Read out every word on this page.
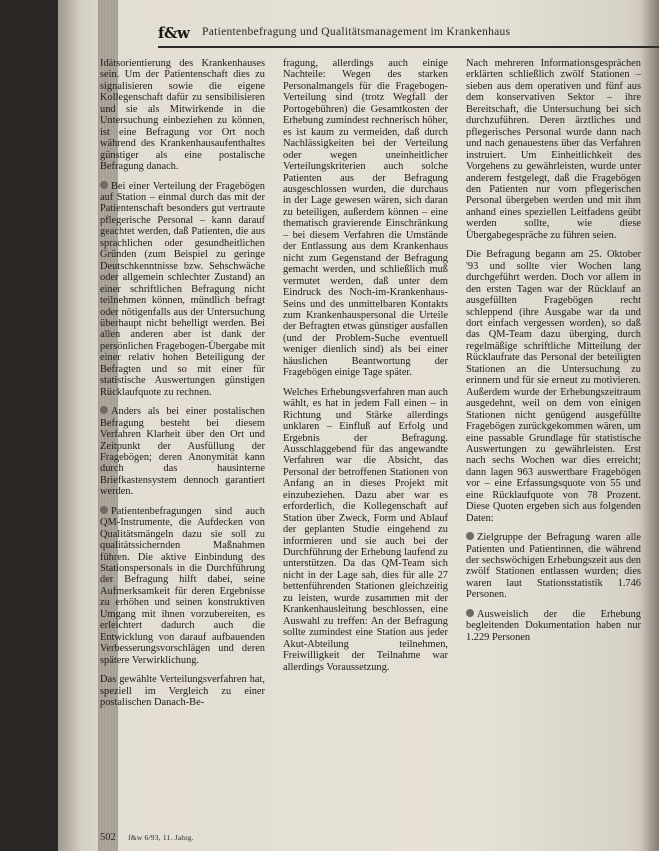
f&w Patientenbefragung und Qualitätsmanagement im Krankenhaus

Idätsorientierung des Krankenhauses sein. Um der Patientenschaft dies zu signalisieren sowie die eigene Kollegenschaft dafür zu sensibilisieren und sie als Mitwirkende in die Untersuchung einbeziehen zu können, ist eine Befragung vor Ort noch während des Krankenhausaufenthaltes günstiger als eine postalische Befragung danach.

Bei einer Verteilung der Fragebögen auf Station – einmal durch das mit der Patientenschaft besonders gut vertraute pflegerische Personal – kann darauf geachtet werden, daß Patienten, die aus sprachlichen oder gesundheitlichen Gründen (zum Beispiel zu geringe Deutschkenntnisse bzw. Sehschwäche oder allgemein schlechter Zustand) an einer schriftlichen Befragung nicht teilnehmen können, mündlich befragt oder nötigenfalls aus der Untersuchung überhaupt nicht behelligt werden. Bei allen anderen aber ist dank der persönlichen Fragebogen-Übergabe mit einer relativ hohen Beteiligung der Befragten und so mit einer für statistische Auswertungen günstigen Rücklaufquote zu rechnen.

Anders als bei einer postalischen Befragung besteht bei diesem Verfahren Klarheit über den Ort und Zeitpunkt der Ausfüllung der Fragebögen; deren Anonymität kann durch das hausinterne Briefkastensystem dennoch garantiert werden.

Patientenbefragungen sind auch QM-Instrumente, die Aufdecken von Qualitätsmängeln dazu sie soll zu qualitätssichernden Maßnahmen führen. Die aktive Einbindung des Stationspersonals in die Durchführung der Befragung hilft dabei, seine Aufmerksamkeit für deren Ergebnisse zu erhöhen und seinen konstruktiven Umgang mit ihnen vorzubereiten, es erleichtert dadurch auch die Entwicklung von darauf aufbauenden Verbesserungsvorschlägen und deren spätere Verwirklichung.

Das gewählte Verteilungsverfahren hat, speziell im Vergleich zu einer postalischen Danach-Be-

fragung, allerdings auch einige Nachteile: Wegen des starken Personalmangels für die Fragebogen-Verteilung sind (trotz Wegfall der Portogebühren) die Gesamtkosten der Erhebung zumindest rechnerisch höher, es ist kaum zu vermeiden, daß durch Nachlässigkeiten bei der Verteilung oder wegen uneinheitlicher Verteilungskriterien auch solche Patienten aus der Befragung ausgeschlossen wurden, die durchaus in der Lage gewesen wären, sich daran zu beteiligen, außerdem können – eine thematisch gravierende Einschränkung – bei diesem Verfahren die Umstände der Entlassung aus dem Krankenhaus nicht zum Gegenstand der Befragung gemacht werden, und schließlich muß vermutet werden, daß unter dem Eindruck des Noch-im-Krankenhaus-Seins und des unmittelbaren Kontakts zum Krankenhauspersonal die Urteile der Befragten etwas günstiger ausfallen (und der Problem-Suche eventuell weniger dienlich sind) als bei einer häuslichen Beantwortung der Fragebögen einige Tage später.

Welches Erhebungsverfahren man auch wählt, es hat in jedem Fall einen – in Richtung und Stärke allerdings unklaren – Einfluß auf Erfolg und Ergebnis der Befragung. Ausschlaggebend für das angewandte Verfahren war die Absicht, das Personal der betroffenen Stationen von Anfang an in dieses Projekt mit einzubeziehen. Dazu aber war es erforderlich, die Kollegenschaft auf Station über Zweck, Form und Ablauf der geplanten Studie eingehend zu informieren und sie auch bei der Durchführung der Erhebung laufend zu unterstützen. Da das QM-Team sich nicht in der Lage sah, dies für alle 27 bettenführenden Stationen gleichzeitig zu leisten, wurde zusammen mit der Krankenhausleitung beschlossen, eine Auswahl zu treffen: An der Befragung sollte zumindest eine Station aus jeder Akut-Abteilung teilnehmen, Freiwilligkeit der Teilnahme war allerdings Voraussetzung.

Nach mehreren Informationsgesprächen erklärten schließlich zwölf Stationen – sieben aus dem operativen und fünf aus dem konservativen Sektor – ihre Bereitschaft, die Untersuchung bei sich durchzuführen. Deren ärztliches und pflegerisches Personal wurde dann nach und nach genauestens über das Verfahren instruiert. Um Einheitlichkeit des Vorgehens zu gewährleisten, wurde unter anderem festgelegt, daß die Fragebögen den Patienten nur vom pflegerischen Personal übergeben werden und mit ihm anhand eines speziellen Leitfadens geübt werden sollte, wie diese Übergabegespräche zu führen seien.

Die Befragung begann am 25. Oktober '93 und sollte vier Wochen lang durchgeführt werden. Doch vor allem in den ersten Tagen war der Rücklauf an ausgefüllten Fragebögen recht schleppend (ihre Ausgabe war da und dort einfach vergessen worden), so daß das QM-Team dazu überging, durch regelmäßige schriftliche Mitteilung der Rücklaufrate das Personal der beteiligten Stationen an die Untersuchung zu erinnern und für sie erneut zu motivieren. Außerdem wurde der Erhebungszeitraum ausgedehnt, weil on dem von einigen Stationen nicht genügend ausgefüllte Fragebögen zurückgekommen wären, um eine passable Grundlage für statistische Auswertungen zu gewährleisten. Erst nach sechs Wochen war dies erreicht; dann lagen 963 auswertbare Fragebögen vor – eine Erfassungsquote von 55 und eine Rücklaufquote von 78 Prozent. Diese Quoten ergeben sich aus folgenden Daten:

Zielgruppe der Befragung waren alle Patienten und Patientinnen, die während der sechswöchigen Erhebungszeit aus den zwölf Stationen entlassen wurden; dies waren laut Stationsstatistik 1.746 Personen.

Ausweislich der die Erhebung begleitenden Dokumentation haben nur 1.229 Personen

502 f&w 6/93, 11. Jahrg.
